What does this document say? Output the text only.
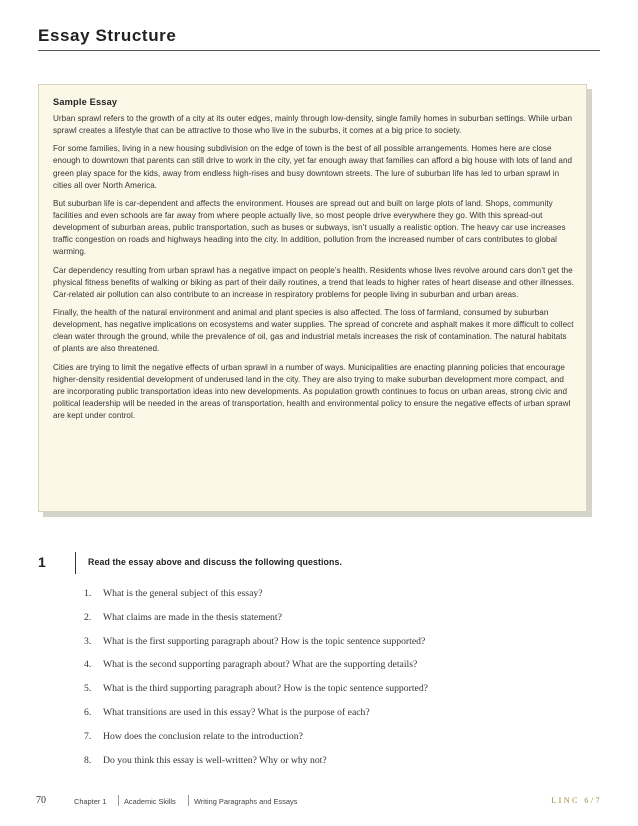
Essay Structure
Sample Essay

Urban sprawl refers to the growth of a city at its outer edges, mainly through low-density, single family homes in suburban settings. While urban sprawl creates a lifestyle that can be attractive to those who live in the suburbs, it comes at a big price to society.

For some families, living in a new housing subdivision on the edge of town is the best of all possible arrangements. Homes here are close enough to downtown that parents can still drive to work in the city, yet far enough away that families can afford a big house with lots of land and green play space for the kids, away from endless high-rises and busy downtown streets. The lure of suburban life has led to urban sprawl in cities all over North America.

But suburban life is car-dependent and affects the environment. Houses are spread out and built on large plots of land. Shops, community facilities and even schools are far away from where people actually live, so most people drive everywhere they go. With this spread-out development of suburban areas, public transportation, such as buses or subways, isn’t usually a realistic option. The heavy car use increases traffic congestion on roads and highways heading into the city. In addition, pollution from the increased number of cars contributes to global warming.

Car dependency resulting from urban sprawl has a negative impact on people’s health. Residents whose lives revolve around cars don’t get the physical fitness benefits of walking or biking as part of their daily routines, a trend that leads to higher rates of heart disease and other illnesses. Car-related air pollution can also contribute to an increase in respiratory problems for people living in suburban and urban areas.

Finally, the health of the natural environment and animal and plant species is also affected. The loss of farmland, consumed by suburban development, has negative implications on ecosystems and water supplies. The spread of concrete and asphalt makes it more difficult to collect clean water through the ground, while the prevalence of oil, gas and industrial metals increases the risk of contamination. The natural habitats of plants are also threatened.

Cities are trying to limit the negative effects of urban sprawl in a number of ways. Municipalities are enacting planning policies that encourage higher-density residential development of underused land in the city. They are also trying to make suburban development more compact, and are incorporating public transportation ideas into new developments. As population growth continues to focus on urban areas, strong civic and political leadership will be needed in the areas of transportation, health and environmental policy to ensure the negative effects of urban sprawl are kept under control.

1	Read the essay above and discuss the following questions.
1. What is the general subject of this essay?
2. What claims are made in the thesis statement?
3. What is the first supporting paragraph about? How is the topic sentence supported?
4. What is the second supporting paragraph about? What are the supporting details?
5. What is the third supporting paragraph about? How is the topic sentence supported?
6. What transitions are used in this essay? What is the purpose of each?
7. How does the conclusion relate to the introduction?
8. Do you think this essay is well-written? Why or why not?
70	Chapter 1 Academic Skills Writing Paragraphs and Essays	LINC 6/7
